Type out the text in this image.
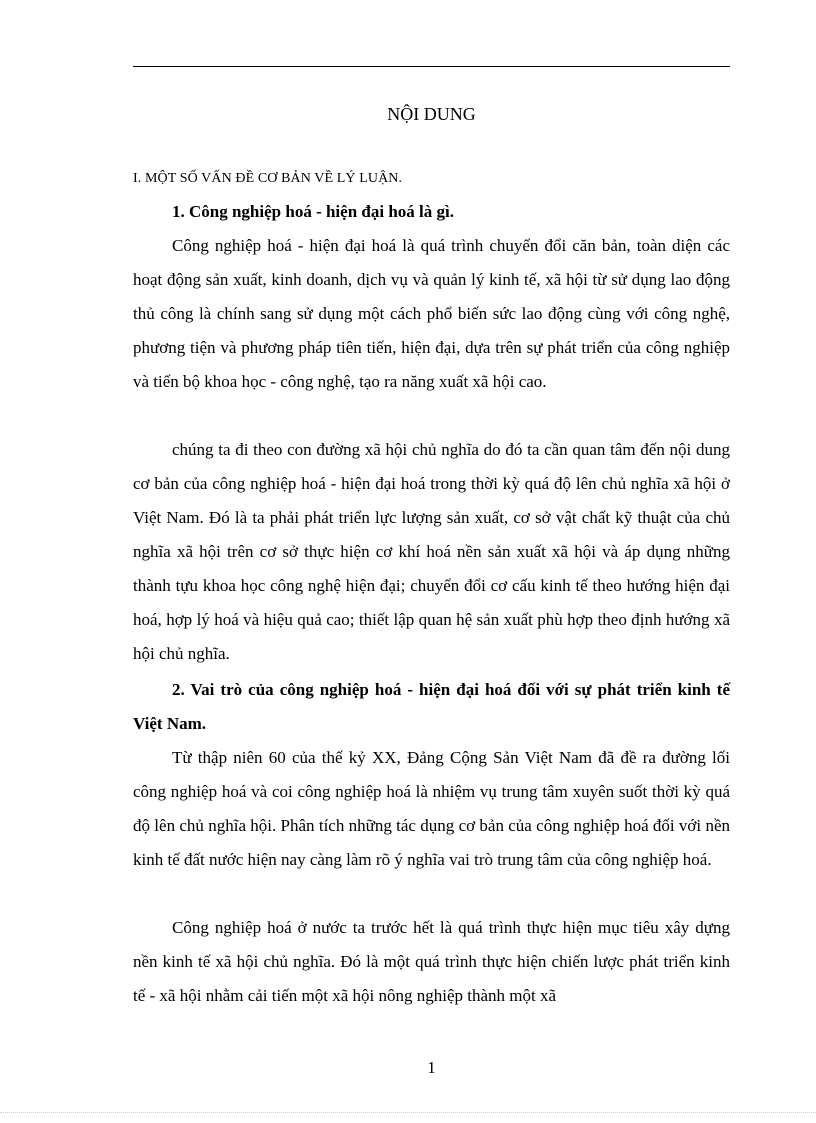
NỘI DUNG
I. MỘT SỐ VẤN ĐỀ CƠ BẢN VỀ LÝ LUẬN.
1. Công nghiệp hoá - hiện đại hoá là gì.
Công nghiệp hoá - hiện đại hoá là quá trình chuyển đổi căn bản, toàn diện các hoạt động sản xuất, kinh doanh, dịch vụ và quản lý kinh tế, xã hội từ sử dụng lao động thủ công là chính sang sử dụng một cách phổ biến sức lao động cùng với công nghệ, phương tiện và phương pháp tiên tiến, hiện đại, dựa trên sự phát triển của công nghiệp và tiến bộ khoa học - công nghệ, tạo ra năng xuất xã hội cao.
chúng ta đi theo con đường xã hội chủ nghĩa do đó ta cần quan tâm đến nội dung cơ bản của công nghiệp hoá - hiện đại hoá trong thời kỳ quá độ lên chủ nghĩa xã hội ở Việt Nam. Đó là ta phải phát triển lực lượng sản xuất, cơ sở vật chất kỹ thuật của chủ nghĩa xã hội trên cơ sở thực hiện cơ khí hoá nền sản xuất xã hội và áp dụng những thành tựu khoa học công nghệ hiện đại; chuyển đổi cơ cấu kinh tế theo hướng hiện đại hoá, hợp lý hoá và hiệu quả cao; thiết lập quan hệ sản xuất phù hợp theo định hướng xã hội chủ nghĩa.
2. Vai trò của công nghiệp hoá - hiện đại hoá đối với sự phát triển kinh tế Việt Nam.
Từ thập niên 60 của thế kỷ XX, Đảng Cộng Sản Việt Nam đã đề ra đường lối công nghiệp hoá và coi công nghiệp hoá là nhiệm vụ trung tâm xuyên suốt thời kỳ quá độ lên chủ nghĩa hội. Phân tích những tác dụng cơ bản của công nghiệp hoá đối với nền kinh tế đất nước hiện nay càng làm rõ ý nghĩa vai trò trung tâm của công nghiệp hoá.
Công nghiệp hoá ở nước ta trước hết là quá trình thực hiện mục tiêu xây dựng nền kinh tế xã hội chủ nghĩa. Đó là một quá trình thực hiện chiến lược phát triển kinh tế - xã hội nhằm cải tiến một xã hội nông nghiệp thành một xã
1
